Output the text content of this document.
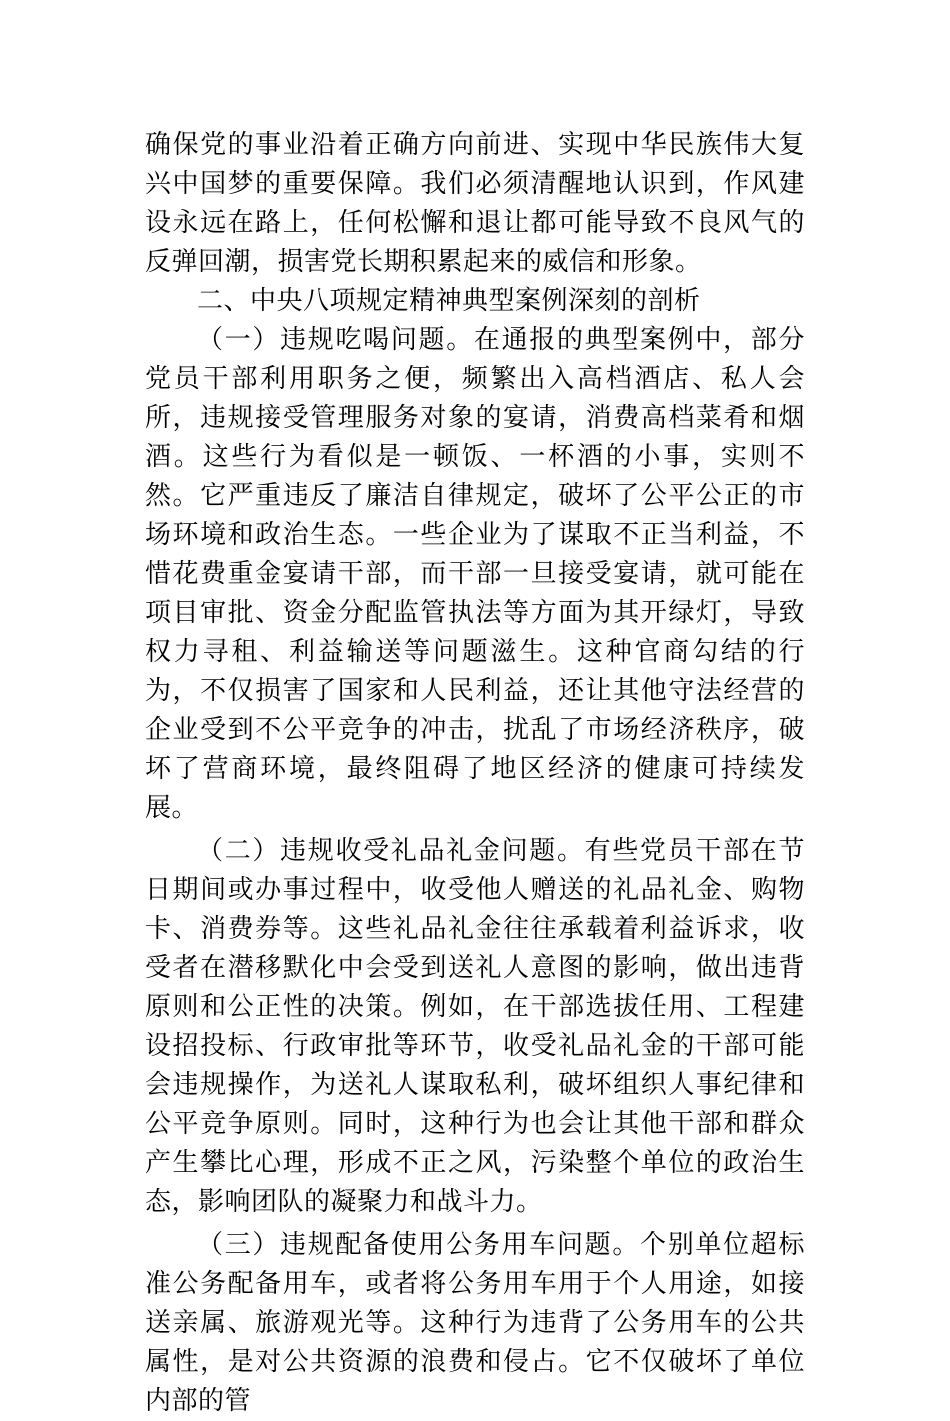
确保党的事业沿着正确方向前进、实现中华民族伟大复兴中国梦的重要保障。我们必须清醒地认识到，作风建设永远在路上，任何松懈和退让都可能导致不良风气的反弹回潮，损害党长期积累起来的威信和形象。

二、中央八项规定精神典型案例深刻的剖析

（一）违规吃喝问题。在通报的典型案例中，部分党员干部利用职务之便，频繁出入高档酒店、私人会所，违规接受管理服务对象的宴请，消费高档菜肴和烟酒。这些行为看似是一顿饭、一杯酒的小事，实则不然。它严重违反了廉洁自律规定，破坏了公平公正的市场环境和政治生态。一些企业为了谋取不正当利益，不惜花费重金宴请干部，而干部一旦接受宴请，就可能在项目审批、资金分配监管执法等方面为其开绿灯，导致权力寻租、利益输送等问题滋生。这种官商勾结的行为，不仅损害了国家和人民利益，还让其他守法经营的企业受到不公平竞争的冲击，扰乱了市场经济秩序，破坏了营商环境，最终阻碍了地区经济的健康可持续发展。

（二）违规收受礼品礼金问题。有些党员干部在节日期间或办事过程中，收受他人赠送的礼品礼金、购物卡、消费券等。这些礼品礼金往往承载着利益诉求，收受者在潜移默化中会受到送礼人意图的影响，做出违背原则和公正性的决策。例如，在干部选拔任用、工程建设招投标、行政审批等环节，收受礼品礼金的干部可能会违规操作，为送礼人谋取私利，破坏组织人事纪律和公平竞争原则。同时，这种行为也会让其他干部和群众产生攀比心理，形成不正之风，污染整个单位的政治生态，影响团队的凝聚力和战斗力。

（三）违规配备使用公务用车问题。个别单位超标准公务配备用车，或者将公务用车用于个人用途，如接送亲属、旅游观光等。这种行为违背了公务用车的公共属性，是对公共资源的浪费和侵占。它不仅破坏了单位内部的管
